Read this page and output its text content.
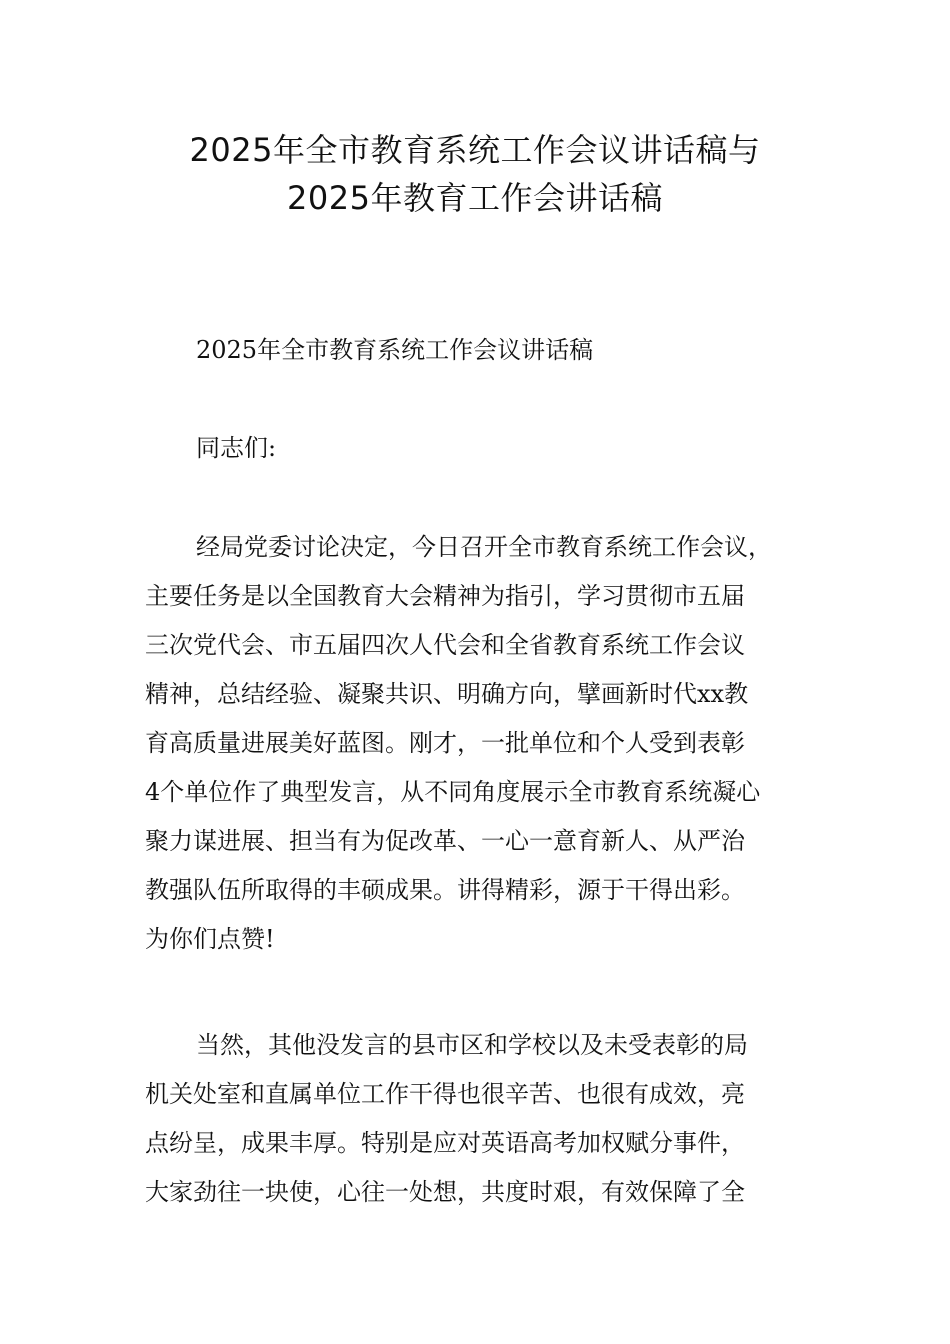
2025年全市教育系统工作会议讲话稿与
2025年教育工作会讲话稿

2025年全市教育系统工作会议讲话稿

同志们:

经局党委讨论决定，今日召开全市教育系统工作会议，
主要任务是以全国教育大会精神为指引，学习贯彻市五届
三次党代会、市五届四次人代会和全省教育系统工作会议
精神，总结经验、凝聚共识、明确方向，擘画新时代xx教
育高质量进展美好蓝图。刚才，一批单位和个人受到表彰
4个单位作了典型发言，从不同角度展示全市教育系统凝心
聚力谋进展、担当有为促改革、一心一意育新人、从严治
教强队伍所取得的丰硕成果。讲得精彩，源于干得出彩。
为你们点赞!
当然，其他没发言的县市区和学校以及未受表彰的局
机关处室和直属单位工作干得也很辛苦、也很有成效，亮
点纷呈，成果丰厚。特别是应对英语高考加权赋分事件，
大家劲往一块使，心往一处想，共度时艰，有效保障了全
